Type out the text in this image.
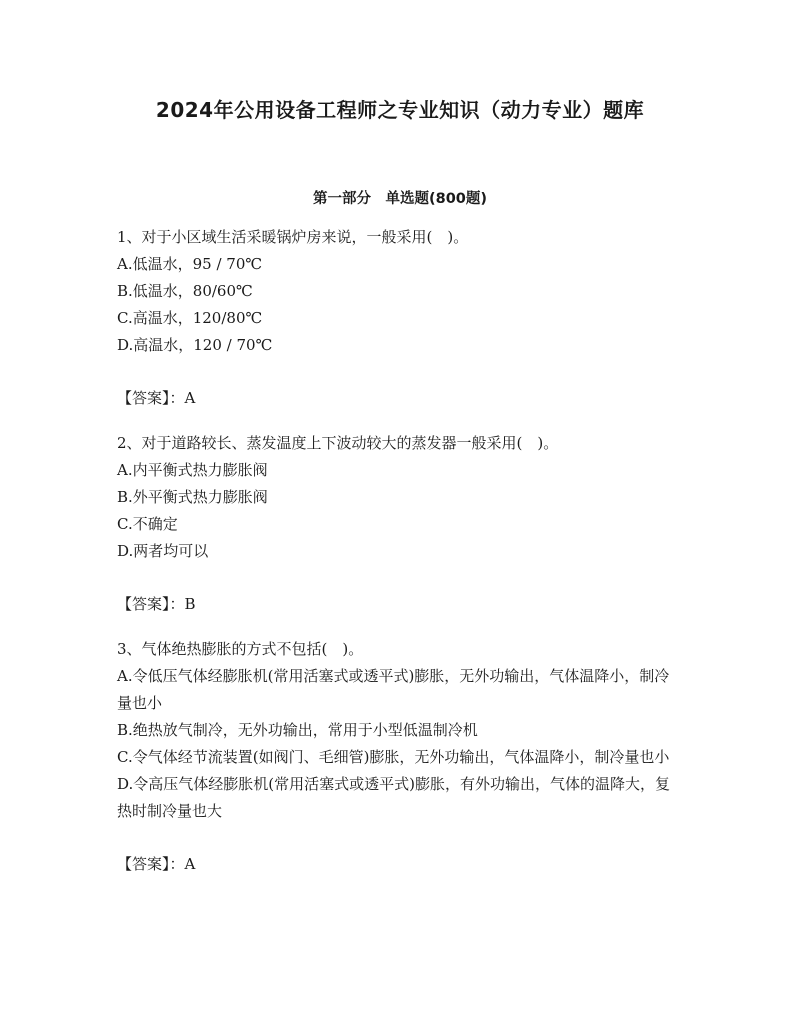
2024年公用设备工程师之专业知识（动力专业）题库
第一部分　单选题(800题)

1、对于小区域生活采暖锅炉房来说，一般采用(　)。

A.低温水，95 / 70℃

B.低温水，80/60℃

C.高温水，120/80℃

D.高温水，120 / 70℃

【答案】：A

2、对于道路较长、蒸发温度上下波动较大的蒸发器一般采用(　)。

A.内平衡式热力膨胀阀

B.外平衡式热力膨胀阀

C.不确定

D.两者均可以

【答案】：B

3、气体绝热膨胀的方式不包括(　)。

A.令低压气体经膨胀机(常用活塞式或透平式)膨胀，无外功输出，气体温降小，制冷量也小

B.绝热放气制冷，无外功输出，常用于小型低温制冷机

C.令气体经节流装置(如阀门、毛细管)膨胀，无外功输出，气体温降小，制冷量也小

D.令高压气体经膨胀机(常用活塞式或透平式)膨胀，有外功输出，气体的温降大，复热时制冷量也大

【答案】：A
